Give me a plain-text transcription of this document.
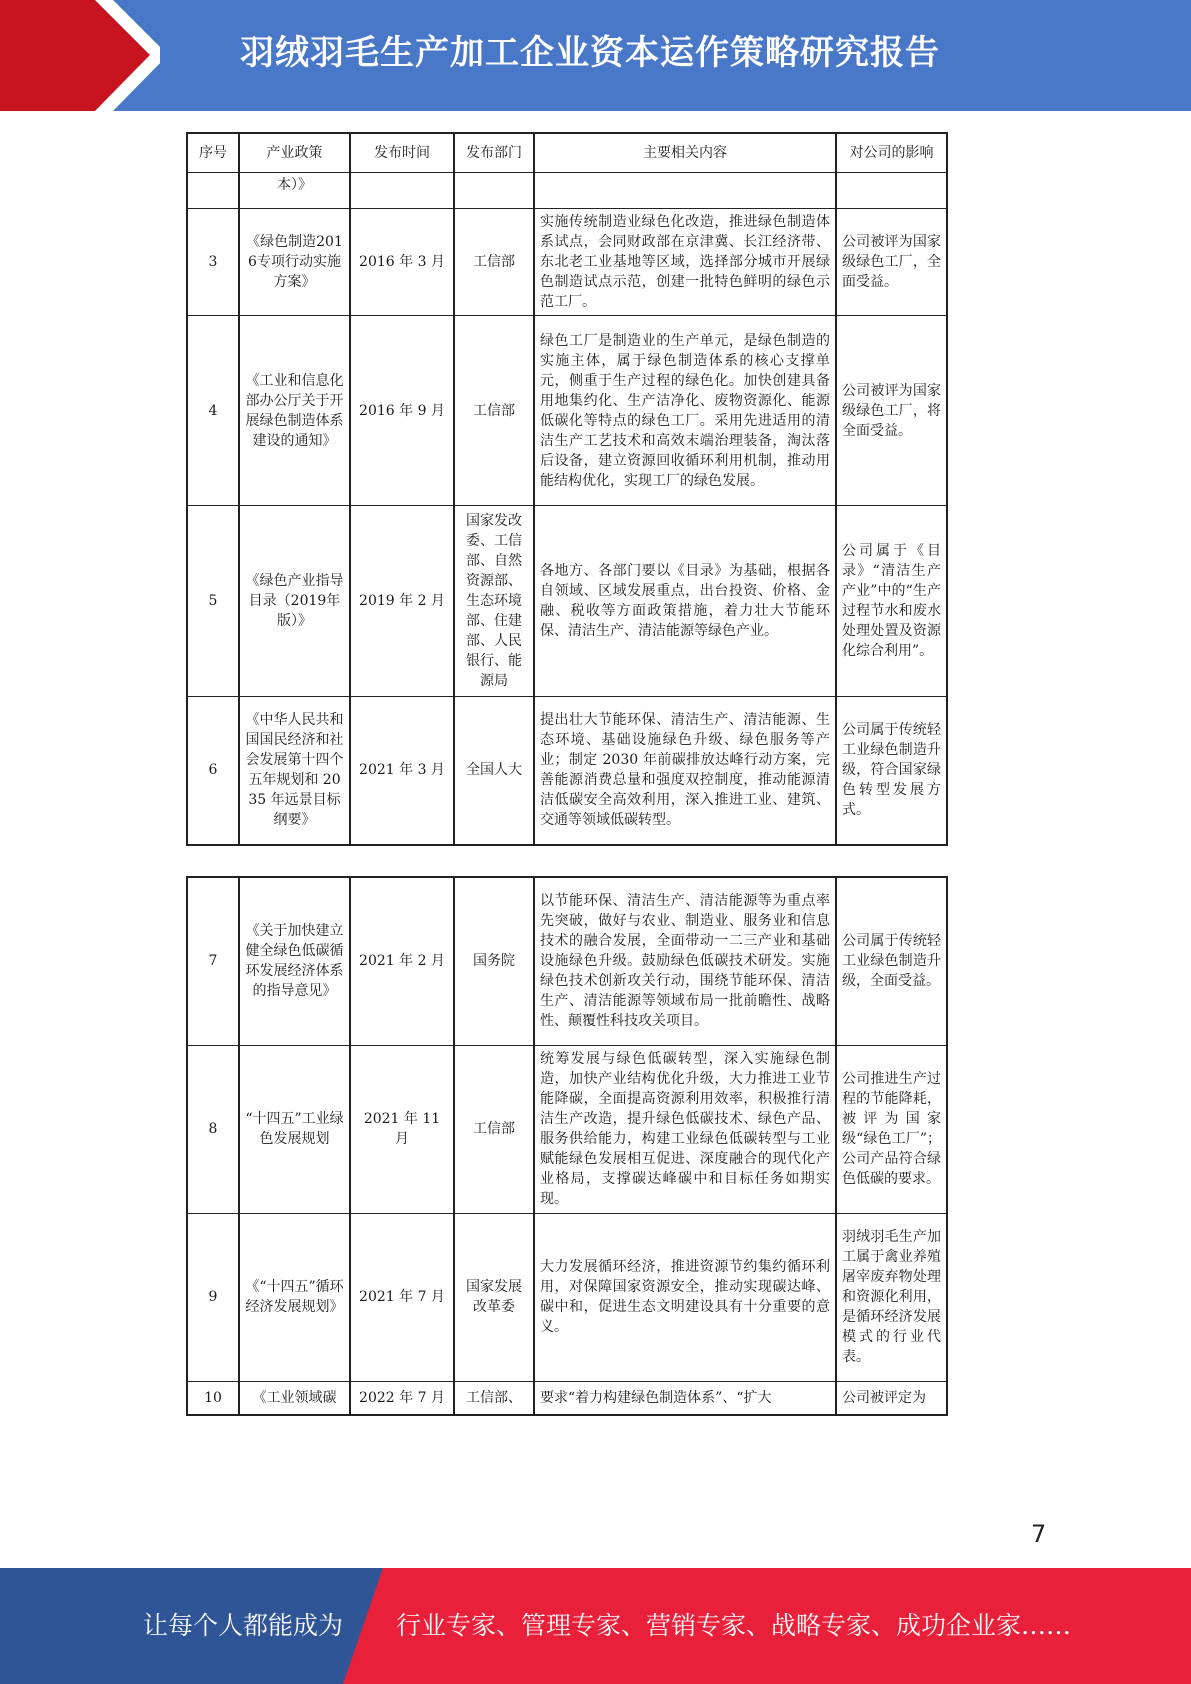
羽绒羽毛生产加工企业资本运作策略研究报告
序号	产业政策	发布时间	发布部门	主要相关内容	对公司的影响
	本）》				
3	《绿色制造2016专项行动实施方案》	2016 年 3 月	工信部	实施传统制造业绿色化改造，推进绿色制造体系试点，会同财政部在京津冀、长江经济带、东北老工业基地等区域，选择部分城市开展绿色制造试点示范，创建一批特色鲜明的绿色示范工厂。	公司被评为国家级绿色工厂，全面受益。
4	《工业和信息化部办公厅关于开展绿色制造体系建设的通知》	2016 年 9 月	工信部	绿色工厂是制造业的生产单元，是绿色制造的实施主体，属于绿色制造体系的核心支撑单元，侧重于生产过程的绿色化。加快创建具备用地集约化、生产洁净化、废物资源化、能源低碳化等特点的绿色工厂。采用先进适用的清洁生产工艺技术和高效末端治理装备，淘汰落后设备，建立资源回收循环利用机制，推动用能结构优化，实现工厂的绿色发展。	公司被评为国家级绿色工厂，将全面受益。
5	《绿色产业指导目录（2019年版）》	2019 年 2 月	国家发改委、工信部、自然资源部、生态环境部、住建部、人民银行、能源局	各地方、各部门要以《目录》为基础，根据各自领域、区域发展重点，出台投资、价格、金融、税收等方面政策措施，着力壮大节能环保、清洁生产、清洁能源等绿色产业。	公司属于《目录》“清洁生产产业”中的“生产过程节水和废水处理处置及资源化综合利用”。
6	《中华人民共和国国民经济和社会发展第十四个五年规划和 2035 年远景目标纲要》	2021 年 3 月	全国人大	提出壮大节能环保、清洁生产、清洁能源、生态环境、基础设施绿色升级、绿色服务等产业；制定 2030 年前碳排放达峰行动方案，完善能源消费总量和强度双控制度，推动能源清洁低碳安全高效利用，深入推进工业、建筑、交通等领域低碳转型。	公司属于传统轻工业绿色制造升级，符合国家绿色转型发展方式。
7	《关于加快建立健全绿色低碳循环发展经济体系的指导意见》	2021 年 2 月	国务院	以节能环保、清洁生产、清洁能源等为重点率先突破，做好与农业、制造业、服务业和信息技术的融合发展，全面带动一二三产业和基础设施绿色升级。鼓励绿色低碳技术研发。实施绿色技术创新攻关行动，围绕节能环保、清洁生产、清洁能源等领域布局一批前瞻性、战略性、颠覆性科技攻关项目。	公司属于传统轻工业绿色制造升级，全面受益。
8	“十四五”工业绿色发展规划	2021 年 11 月	工信部	统筹发展与绿色低碳转型，深入实施绿色制造，加快产业结构优化升级，大力推进工业节能降碳，全面提高资源利用效率，积极推行清洁生产改造，提升绿色低碳技术、绿色产品、服务供给能力，构建工业绿色低碳转型与工业赋能绿色发展相互促进、深度融合的现代化产业格局，支撑碳达峰碳中和目标任务如期实现。	公司推进生产过程的节能降耗，被评为国家级“绿色工厂”；公司产品符合绿色低碳的要求。
9	《“十四五”循环经济发展规划》	2021 年 7 月	国家发展改革委	大力发展循环经济，推进资源节约集约循环利用，对保障国家资源安全，推动实现碳达峰、碳中和，促进生态文明建设具有十分重要的意义。	羽绒羽毛生产加工属于禽业养殖屠宰废弃物处理和资源化利用，是循环经济发展模式的行业代表。
10	《工业领域碳	2022 年 7 月	工信部、	要求“着力构建绿色制造体系”、“扩大	公司被评定为
7
让每个人都能成为 行业专家、管理专家、营销专家、战略专家、成功企业家……
